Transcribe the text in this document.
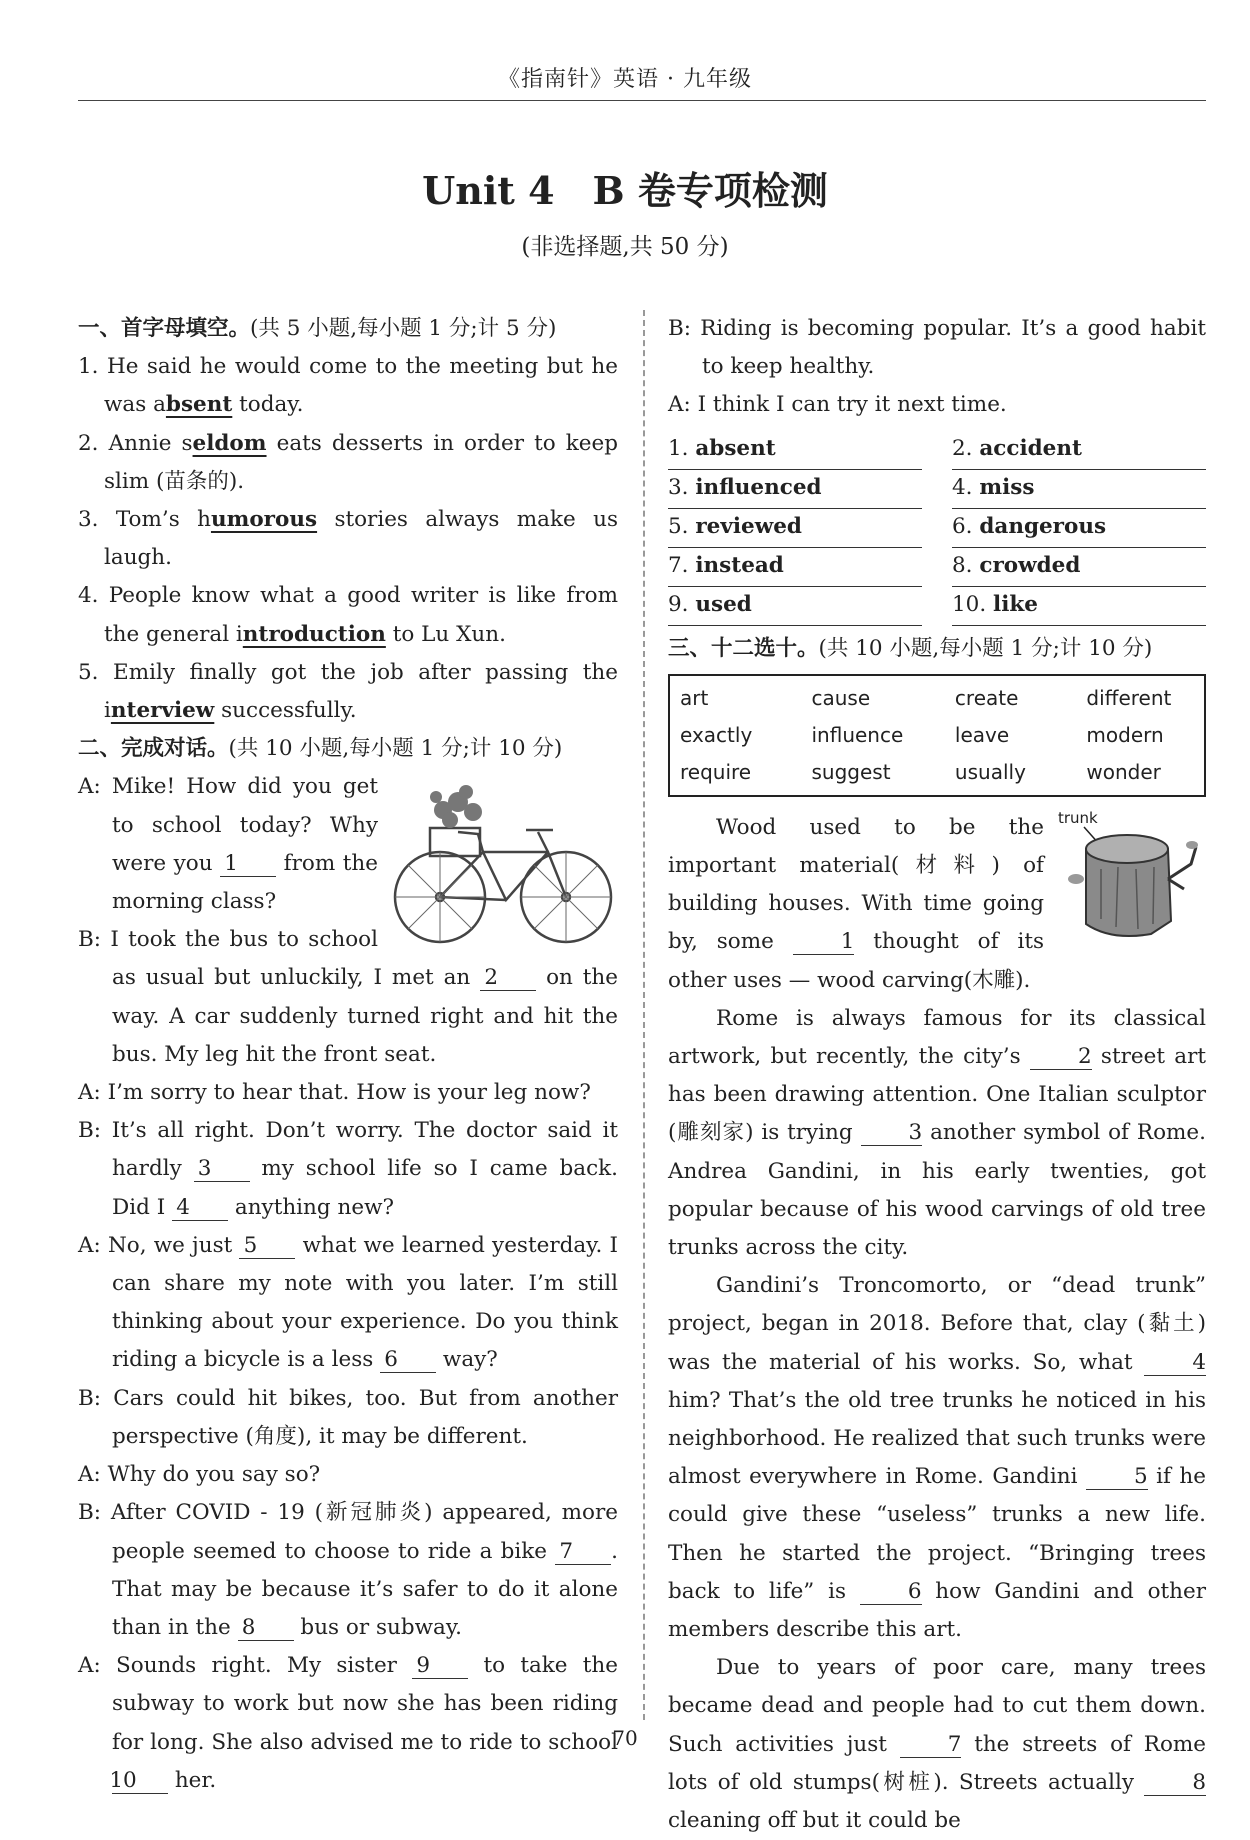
《指南针》英语 · 九年级
Unit 4　B 卷专项检测
(非选择题,共 50 分)

一、首字母填空。(共 5 小题,每小题 1 分;计 5 分)

1. He said he would come to the meeting but he was absent today.

2. Annie seldom eats desserts in order to keep slim (苗条的).

3. Tom’s humorous stories always make us laugh.

4. People know what a good writer is like from the general introduction to Lu Xun.

5. Emily finally got the job after passing the interview successfully.

二、完成对话。(共 10 小题,每小题 1 分;计 10 分)

A: Mike! How did you get to school today? Why were you 1 from the morning class?

B: I took the bus to school as usual but unluckily, I met an 2 on the way. A car suddenly turned right and hit the bus. My leg hit the front seat.

A: I’m sorry to hear that. How is your leg now?

B: It’s all right. Don’t worry. The doctor said it hardly 3 my school life so I came back. Did I 4 anything new?

A: No, we just 5 what we learned yesterday. I can share my note with you later. I’m still thinking about your experience. Do you think riding a bicycle is a less 6 way?

B: Cars could hit bikes, too. But from another perspective (角度), it may be different.

A: Why do you say so?

B: After COVID - 19 (新冠肺炎) appeared, more people seemed to choose to ride a bike 7 . That may be because it’s safer to do it alone than in the 8 bus or subway.

A: Sounds right. My sister 9 to take the subway to work but now she has been riding for long. She also advised me to ride to school 10 her.

B: Riding is becoming popular. It’s a good habit to keep healthy.

A: I think I can try it next time.

1. absent	2. accident
3. influenced	4. miss
5. reviewed	6. dangerous
7. instead	8. crowded
9. used	10. like

三、十二选十。(共 10 小题,每小题 1 分;计 10 分)

art	cause	create	different
exactly	influence	leave	modern
require	suggest	usually	wonder
trunk

Wood used to be the important material(材料) of building houses. With time going by, some 1 thought of its other uses — wood carving(木雕).

Rome is always famous for its classical artwork, but recently, the city’s 2 street art has been drawing attention. One Italian sculptor (雕刻家) is trying 3 another symbol of Rome. Andrea Gandini, in his early twenties, got popular because of his wood carvings of old tree trunks across the city.

Gandini’s Troncomorto, or “dead trunk” project, began in 2018. Before that, clay (黏土) was the material of his works. So, what 4 him? That’s the old tree trunks he noticed in his neighborhood. He realized that such trunks were almost everywhere in Rome. Gandini 5 if he could give these “useless” trunks a new life. Then he started the project. “Bringing trees back to life” is 6 how Gandini and other members describe this art.

Due to years of poor care, many trees became dead and people had to cut them down. Such activities just 7 the streets of Rome lots of old stumps(树桩). Streets actually 8 cleaning off but it could be

70
